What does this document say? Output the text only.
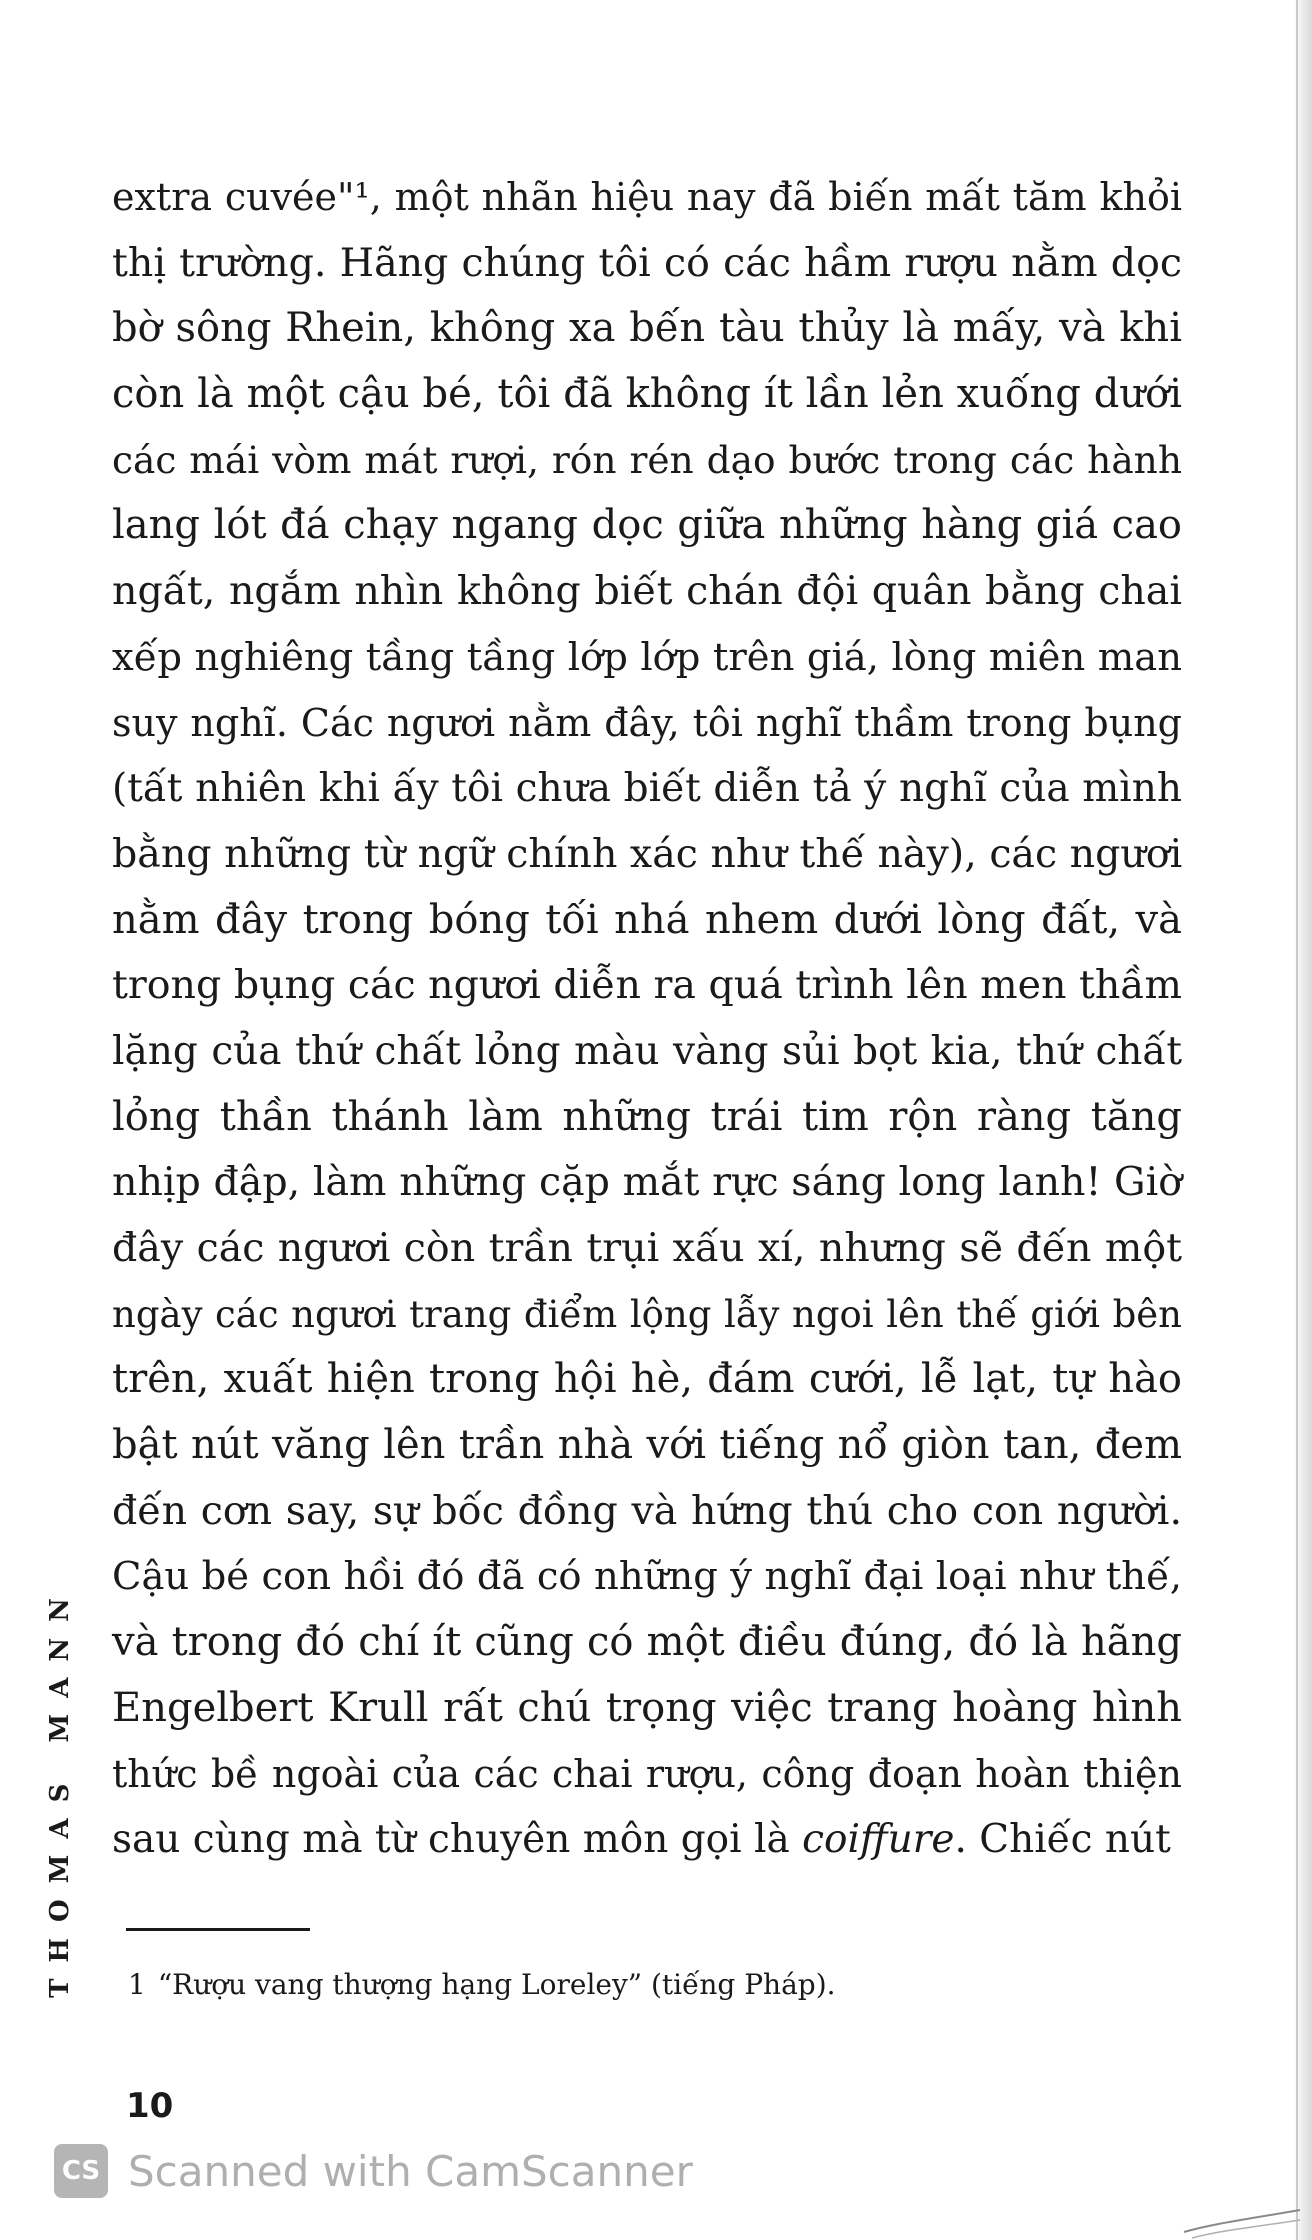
THOMAS MANN
extra cuvée"¹, một nhãn hiệu nay đã biến mất tăm khỏi
thị trường. Hãng chúng tôi có các hầm rượu nằm dọc
bờ sông Rhein, không xa bến tàu thủy là mấy, và khi
còn là một cậu bé, tôi đã không ít lần lẻn xuống dưới
các mái vòm mát rượi, rón rén dạo bước trong các hành
lang lót đá chạy ngang dọc giữa những hàng giá cao
ngất, ngắm nhìn không biết chán đội quân bằng chai
xếp nghiêng tầng tầng lớp lớp trên giá, lòng miên man
suy nghĩ. Các ngươi nằm đây, tôi nghĩ thầm trong bụng
(tất nhiên khi ấy tôi chưa biết diễn tả ý nghĩ của mình
bằng những từ ngữ chính xác như thế này), các ngươi
nằm đây trong bóng tối nhá nhem dưới lòng đất, và
trong bụng các ngươi diễn ra quá trình lên men thầm
lặng của thứ chất lỏng màu vàng sủi bọt kia, thứ chất
lỏng thần thánh làm những trái tim rộn ràng tăng
nhịp đập, làm những cặp mắt rực sáng long lanh! Giờ
đây các ngươi còn trần trụi xấu xí, nhưng sẽ đến một
ngày các ngươi trang điểm lộng lẫy ngoi lên thế giới bên
trên, xuất hiện trong hội hè, đám cưới, lễ lạt, tự hào
bật nút văng lên trần nhà với tiếng nổ giòn tan, đem
đến cơn say, sự bốc đồng và hứng thú cho con người.
Cậu bé con hồi đó đã có những ý nghĩ đại loại như thế,
và trong đó chí ít cũng có một điều đúng, đó là hãng
Engelbert Krull rất chú trọng việc trang hoàng hình
thức bề ngoài của các chai rượu, công đoạn hoàn thiện
sau cùng mà từ chuyên môn gọi là coiffure. Chiếc nút
1 “Rượu vang thượng hạng Loreley” (tiếng Pháp).
10
CS Scanned with CamScanner
